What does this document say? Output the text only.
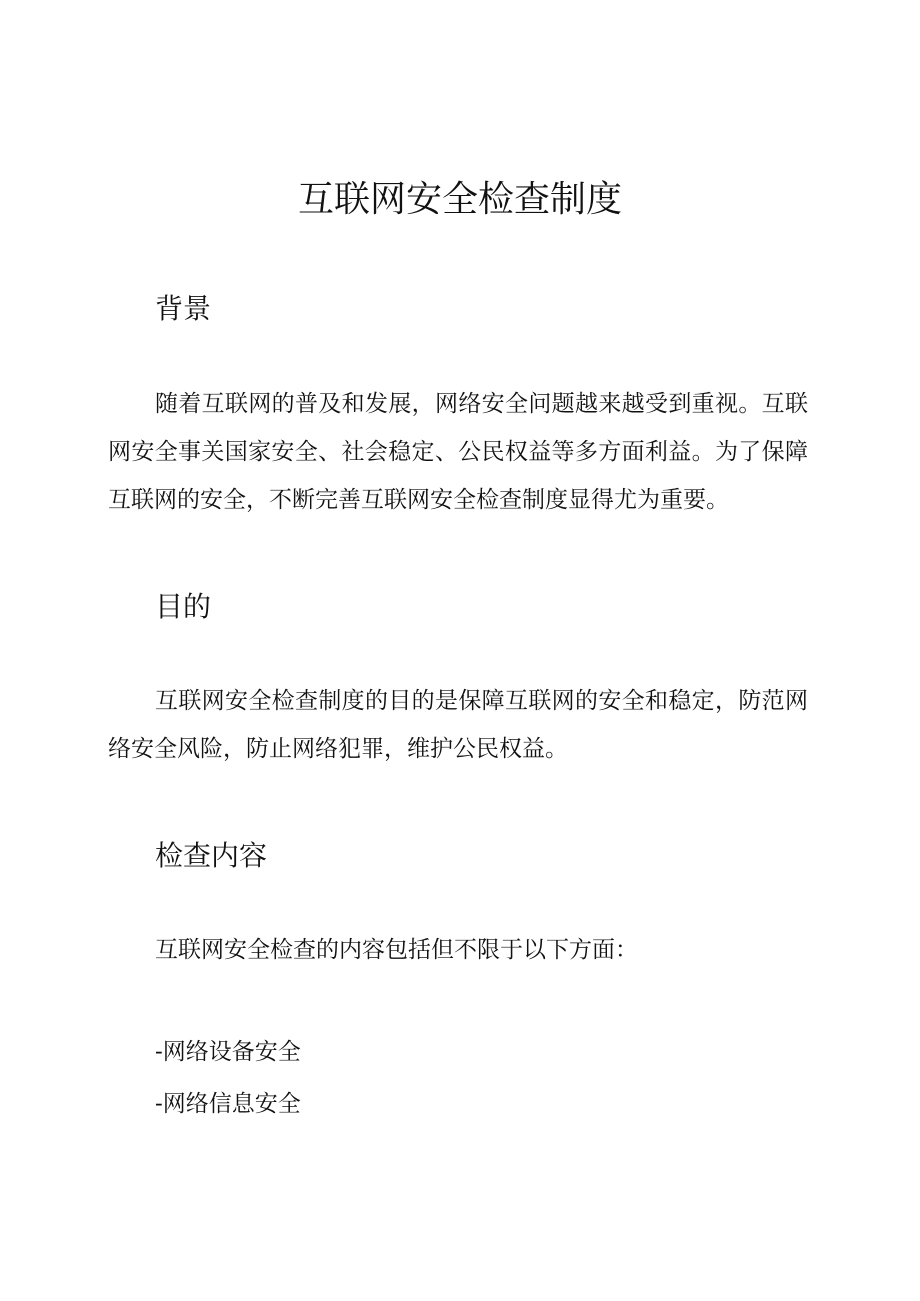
互联网安全检查制度
背景

随着互联网的普及和发展，网络安全问题越来越受到重视。互联网安全事关国家安全、社会稳定、公民权益等多方面利益。为了保障互联网的安全，不断完善互联网安全检查制度显得尤为重要。

目的

互联网安全检查制度的目的是保障互联网的安全和稳定，防范网络安全风险，防止网络犯罪，维护公民权益。

检查内容

互联网安全检查的内容包括但不限于以下方面：

-网络设备安全

-网络信息安全
